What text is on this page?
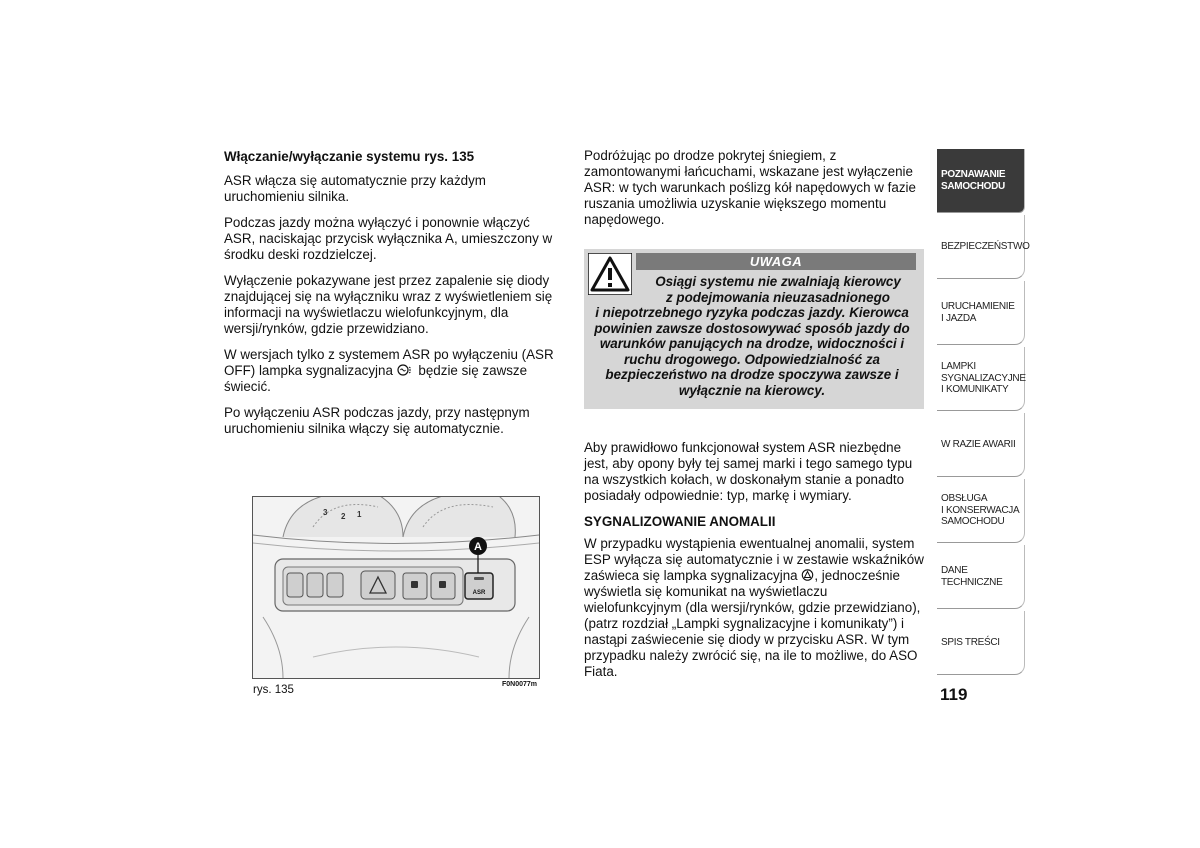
Włączanie/wyłączanie systemu rys. 135

ASR włącza się automatycznie przy każdym uruchomieniu silnika.

Podczas jazdy można wyłączyć i ponownie włączyć ASR, naciskając przycisk wyłącznika A, umieszczony w środku deski rozdzielczej.

Wyłączenie pokazywane jest przez zapalenie się diody znajdującej się na wyłączniku wraz z wyświetleniem się informacji na wyświetlaczu wielofunkcyjnym, dla wersji/rynków, gdzie przewidziano.

W wersjach tylko z systemem ASR po wyłączeniu (ASR OFF) lampka sygnalizacyjna będzie się zawsze świecić.

Po wyłączeniu ASR podczas jazdy, przy następnym uruchomieniu silnika włączy się automatycznie.

Podróżując po drodze pokrytej śniegiem, z zamontowanymi łańcuchami, wskazane jest wyłączenie ASR: w tych warunkach poślizg kół napędowych w fazie ruszania umożliwia uzyskanie większego momentu napędowego.

UWAGA
Osiągi systemu nie zwalniają kierowcy
z podejmowania nieuzasadnionego
i niepotrzebnego ryzyka podczas jazdy. Kierowca powinien zawsze dostosowywać sposób jazdy do warunków panujących na drodze, widoczności i ruchu drogowego. Odpowiedzialność za bezpieczeństwo na drodze spoczywa zawsze i wyłącznie na kierowcy.

Aby prawidłowo funkcjonował system ASR niezbędne jest, aby opony były tej samej marki i tego samego typu na wszystkich kołach, w doskonałym stanie a ponadto posiadały odpowiednie: typ, markę i wymiary.

SYGNALIZOWANIE ANOMALII

W przypadku wystąpienia ewentualnej anomalii, system ESP wyłącza się automatycznie i w zestawie wskaźników zaświeca się lampka sygnalizacyjna , jednocześnie wyświetla się komunikat na wyświetlaczu wielofunkcyjnym (dla wersji/rynków, gdzie przewidziano), (patrz rozdział „Lampki sygnalizacyjne i komunikaty”) i nastąpi zaświecenie się diody w przycisku ASR. W tym przypadku należy zwrócić się, na ile to możliwe, do ASO Fiata.

3 2 1
ASR
A
rys. 135	F0N0077m
POZNAWANIE
SAMOCHODU
BEZPIECZEŃSTWO
URUCHAMIENIE
I JAZDA
LAMPKI
SYGNALIZACYJNE
I KOMUNIKATY
W RAZIE AWARII
OBSŁUGA
I KONSERWACJA
SAMOCHODU
DANE TECHNICZNE
SPIS TREŚCI
119
